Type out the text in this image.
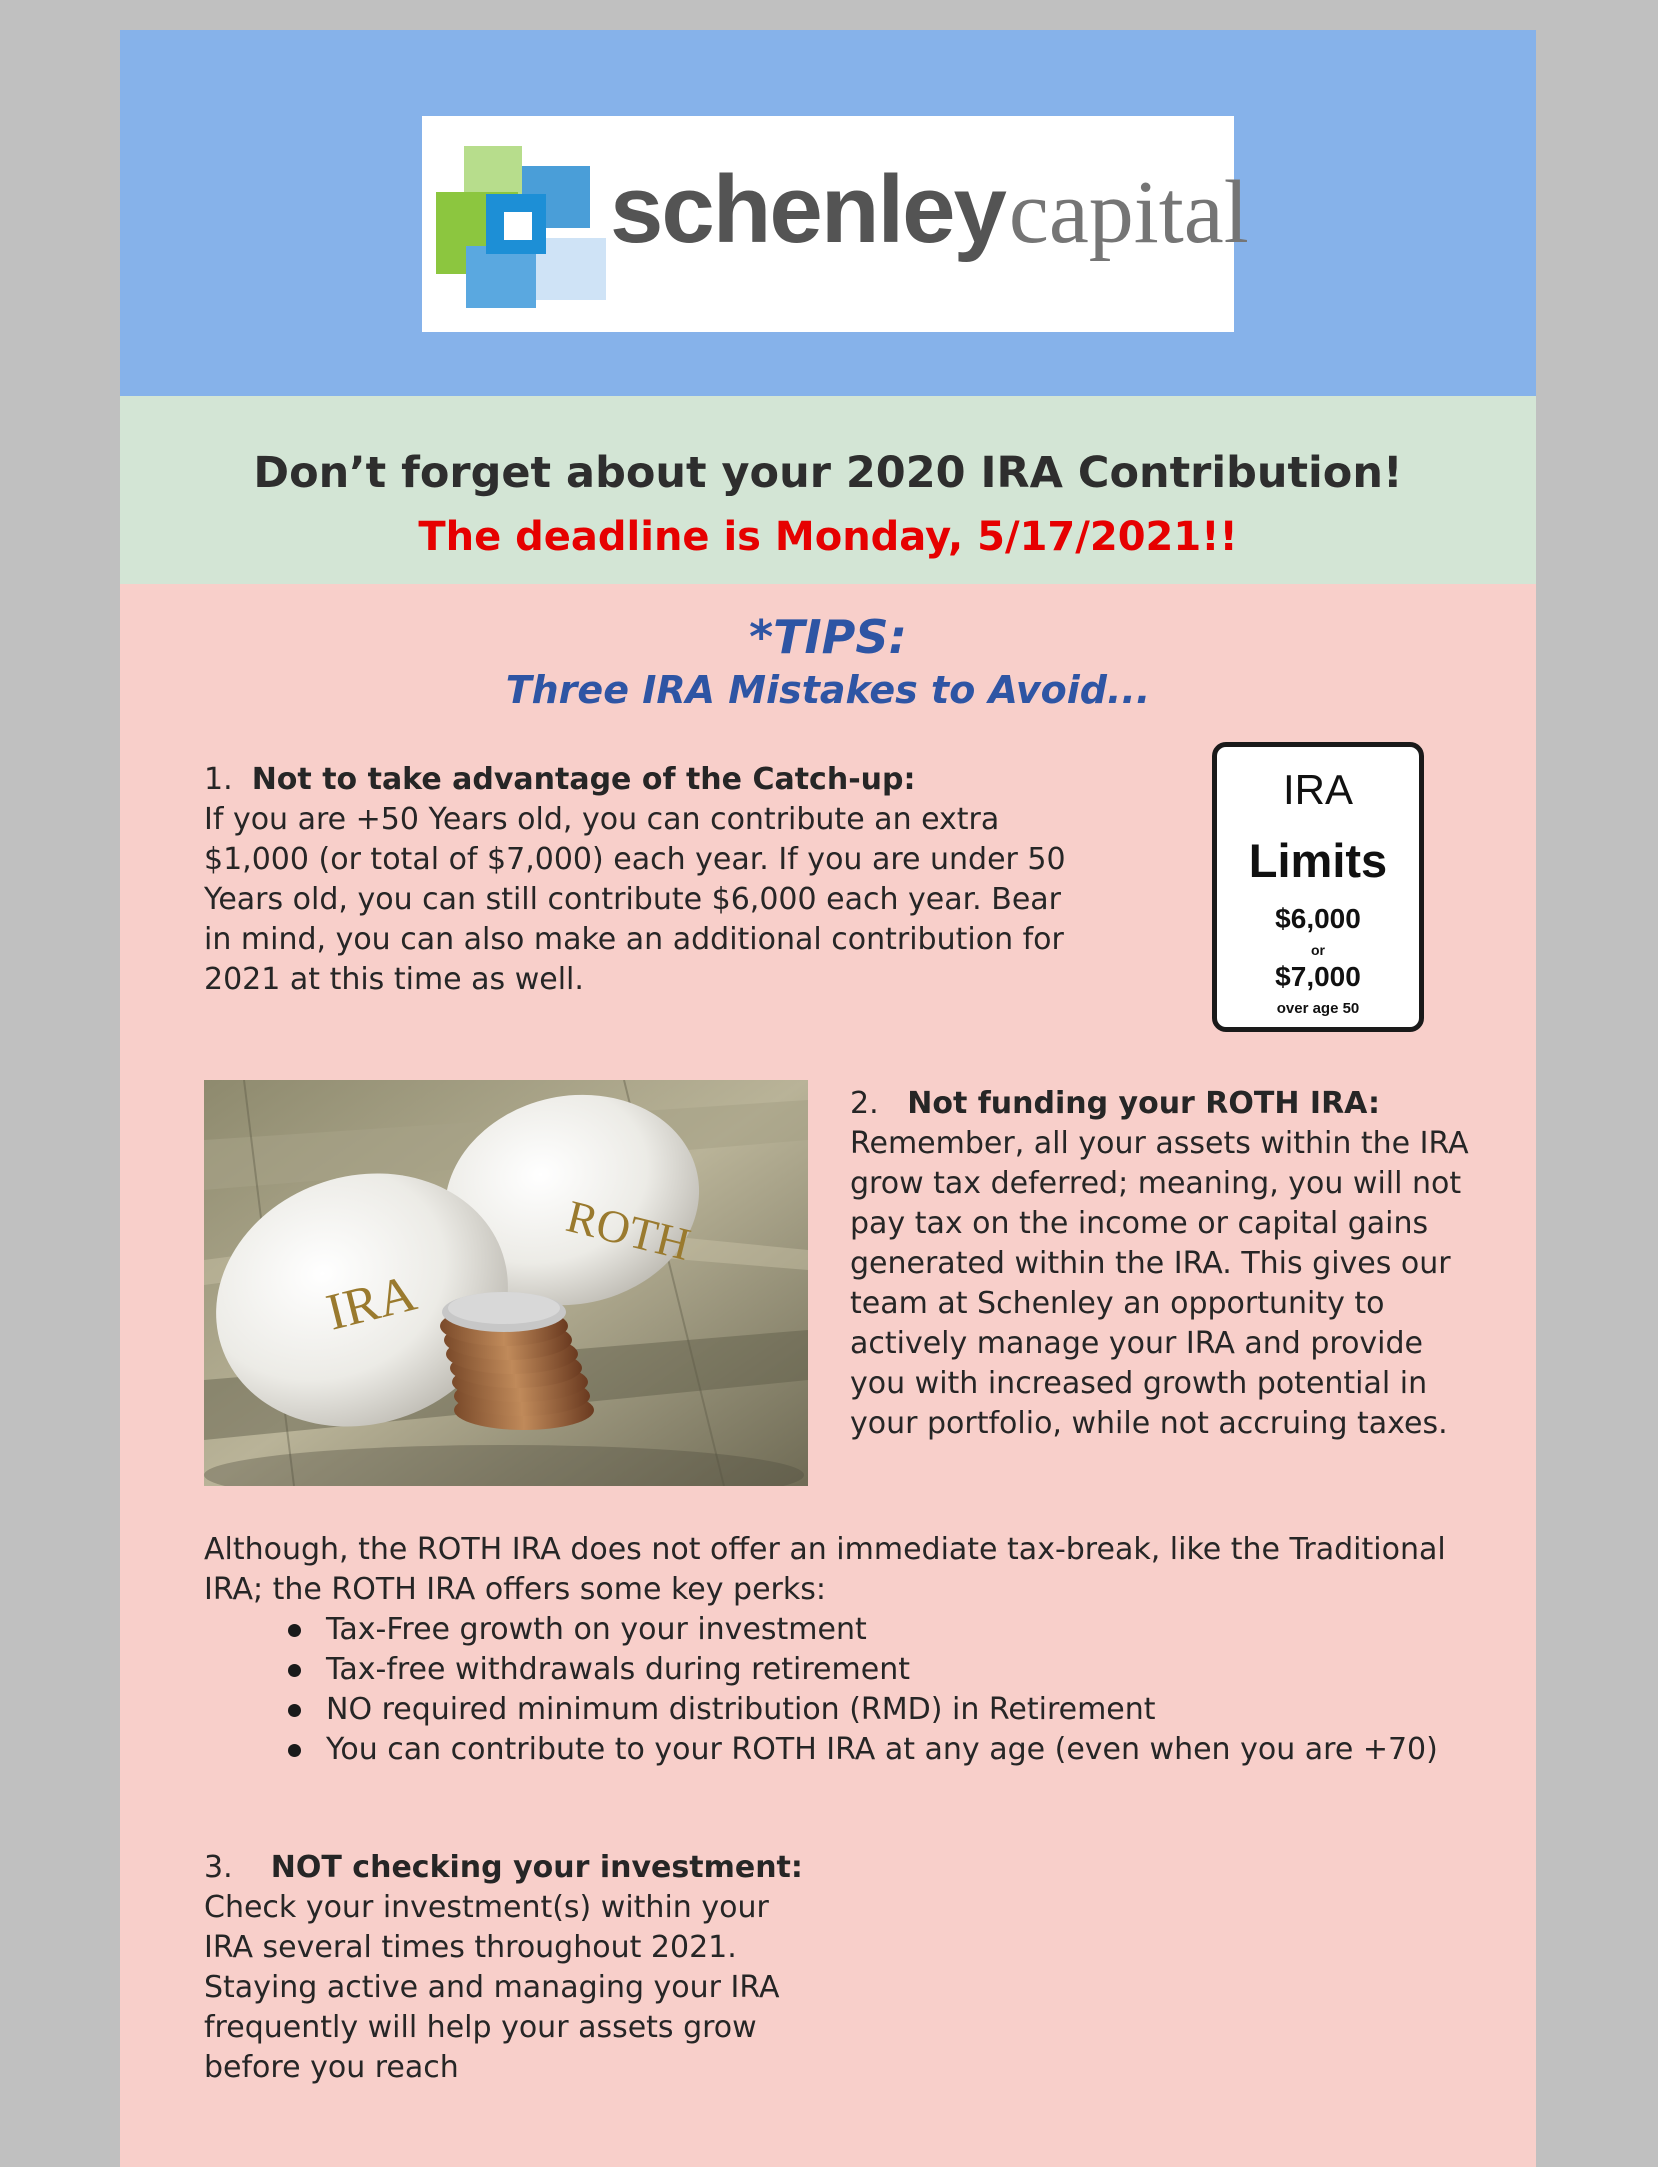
schenleycapital
Don’t forget about your 2020 IRA Contribution!
The deadline is Monday, 5/17/2021!!
*TIPS:
Three IRA Mistakes to Avoid...
1. Not to take advantage of the Catch-up:
If you are +50 Years old, you can contribute an extra $1,000 (or total of $7,000) each year. If you are under 50 Years old, you can still contribute $6,000 each year. Bear in mind, you can also make an additional contribution for 2021 at this time as well.
IRA
Limits
$6,000
or
$7,000
over age 50
ROTH
IRA
2. Not funding your ROTH IRA:
Remember, all your assets within the IRA grow tax deferred; meaning, you will not pay tax on the income or capital gains generated within the IRA. This gives our team at Schenley an opportunity to actively manage your IRA and provide you with increased growth potential in your portfolio, while not accruing taxes.
Although, the ROTH IRA does not offer an immediate tax-break, like the Traditional IRA; the ROTH IRA offers some key perks:
Tax-Free growth on your investment
Tax-free withdrawals during retirement
NO required minimum distribution (RMD) in Retirement
You can contribute to your ROTH IRA at any age (even when you are +70)
3. NOT checking your investment:
Check your investment(s) within your IRA several times throughout 2021. Staying active and managing your IRA frequently will help your assets grow before you reach
